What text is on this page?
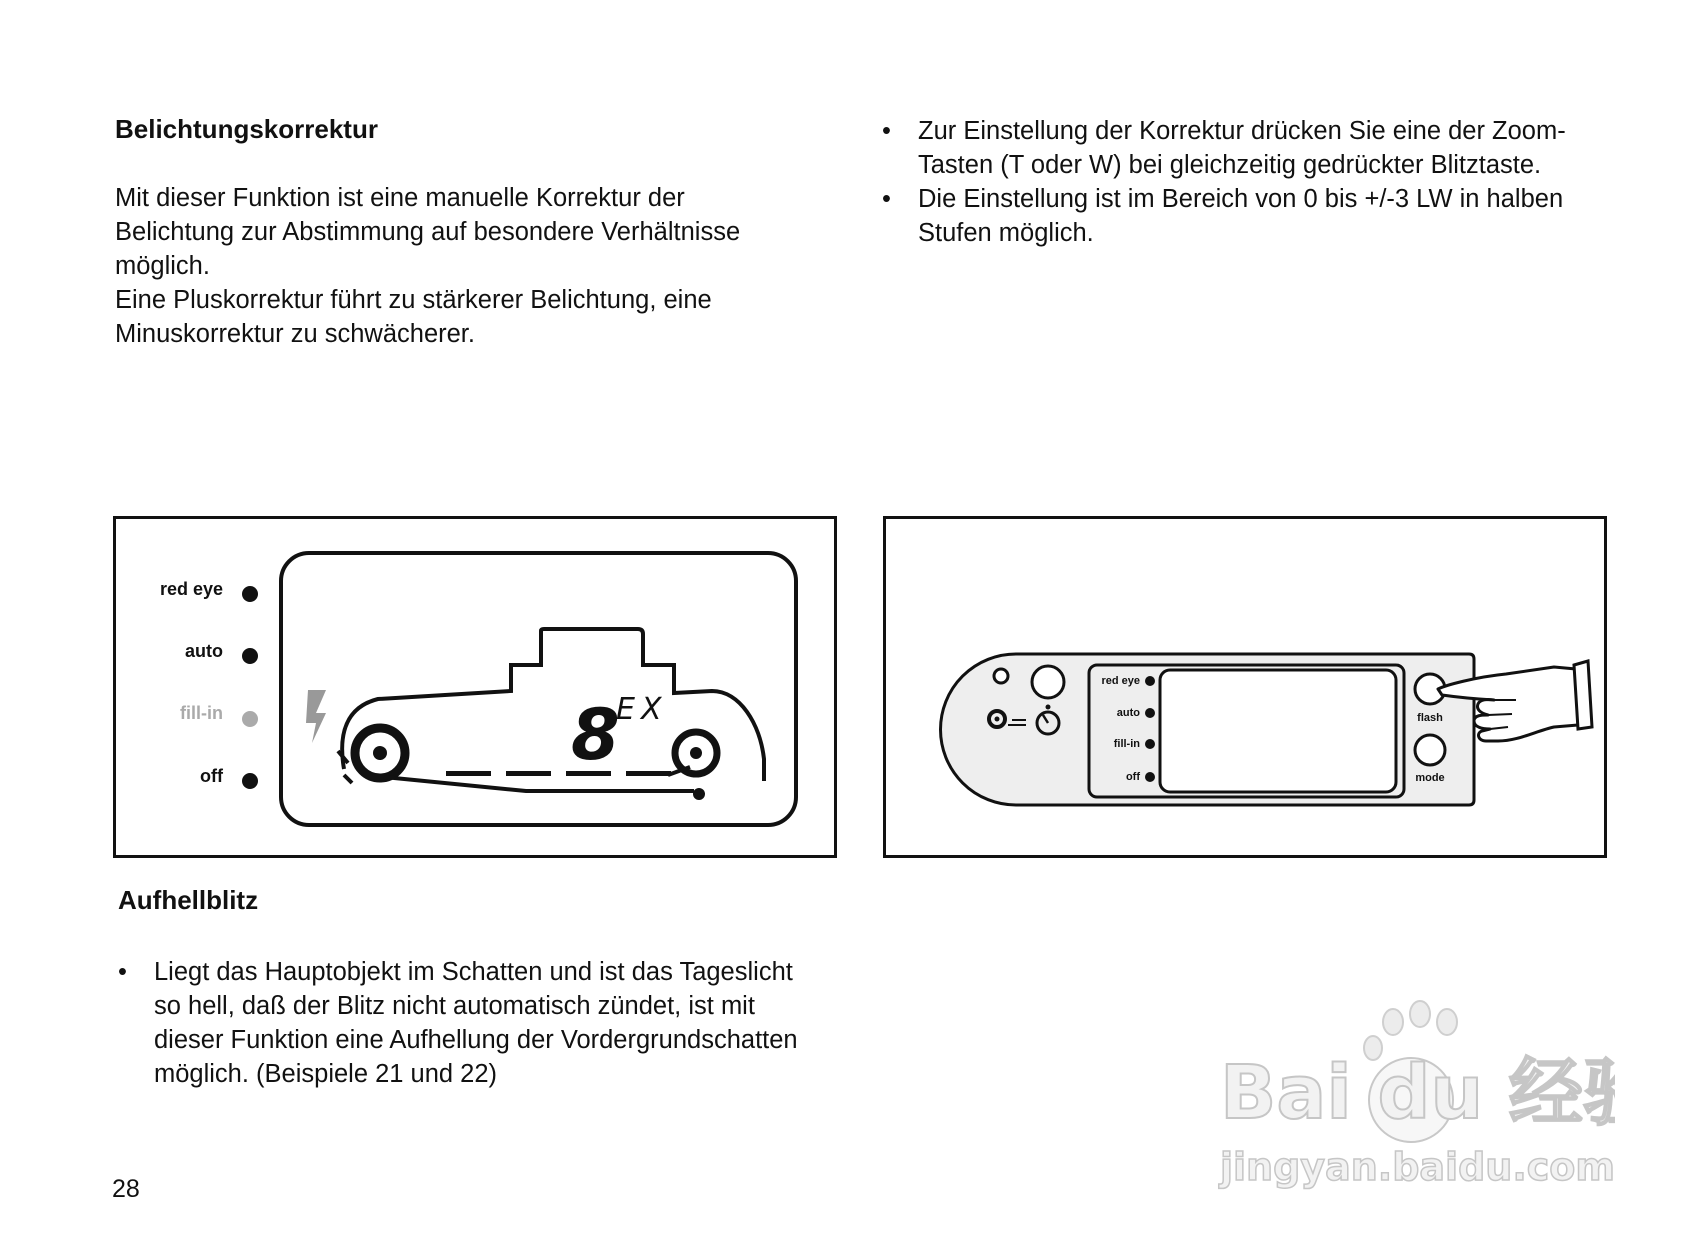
Belichtungskorrektur

Mit dieser Funktion ist eine manuelle Korrektur der

Belichtung zur Abstimmung auf besondere Verhältnisse

möglich.

Eine Pluskorrektur führt zu stärkerer Belichtung, eine

Minuskorrektur zu schwächerer.

• Zur Einstellung der Korrektur drücken Sie eine der Zoom-Tasten (T oder W) bei gleichzeitig gedrückter Blitztaste.
• Die Einstellung ist im Bereich von 0 bis +/-3 LW in halben Stufen möglich.
red eye
auto
fill-in
off	8
EX
red eye
auto
fill-in
off
flash
mode
Aufhellblitz
• Liegt das Hauptobjekt im Schatten und ist das Tageslicht so hell, daß der Blitz nicht automatisch zündet, ist mit dieser Funktion eine Aufhellung der Vordergrundschatten möglich. (Beispiele 21 und 22)
28
Bai du 经验
jingyan.baidu.com
